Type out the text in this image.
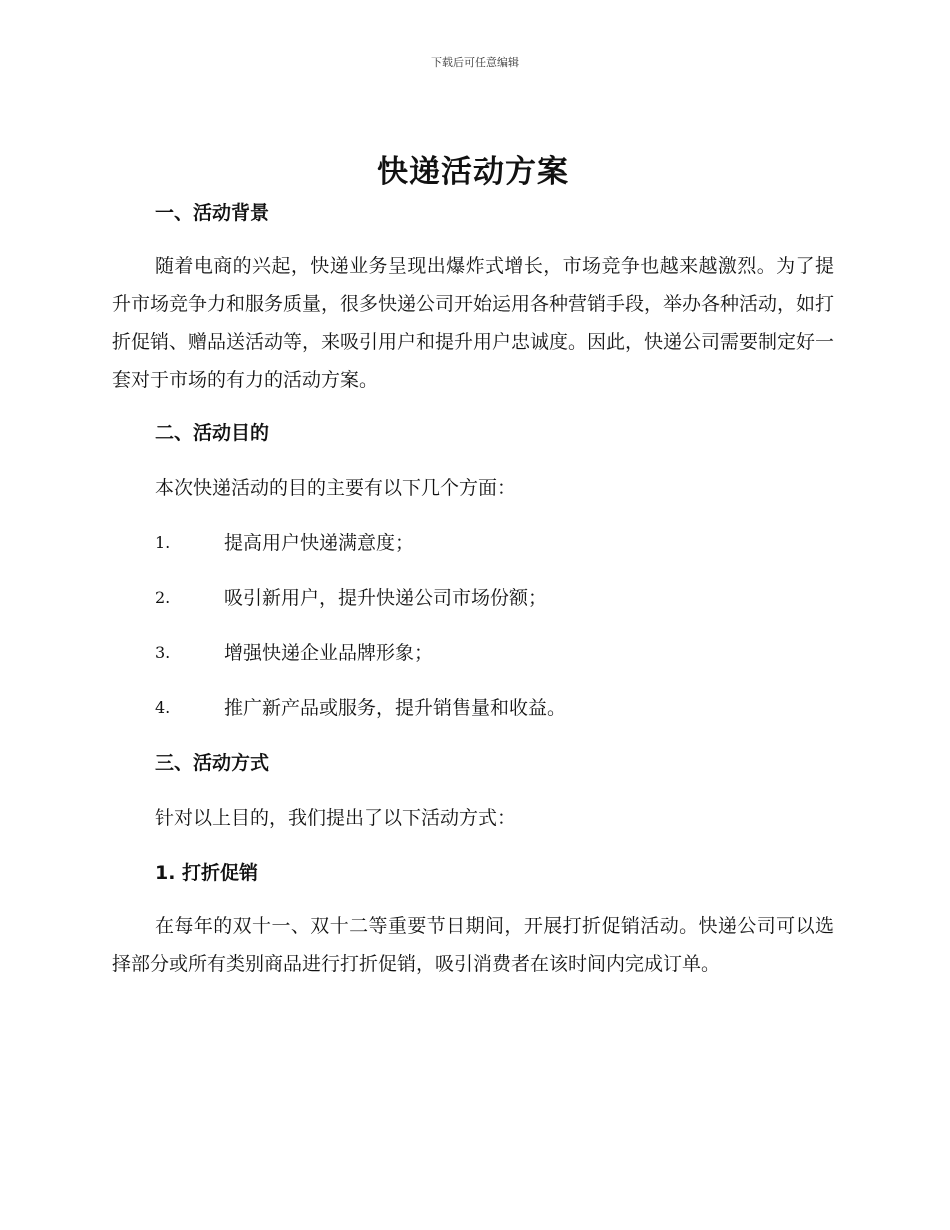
下载后可任意编辑
快递活动方案
一、活动背景

随着电商的兴起，快递业务呈现出爆炸式增长，市场竞争也越来越激烈。为了提升市场竞争力和服务质量，很多快递公司开始运用各种营销手段，举办各种活动，如打折促销、赠品送活动等，来吸引用户和提升用户忠诚度。因此，快递公司需要制定好一套对于市场的有力的活动方案。

二、活动目的
本次快递活动的目的主要有以下几个方面：
1.	提高用户快递满意度；
2.	吸引新用户，提升快递公司市场份额；
3.	增强快递企业品牌形象；
4.	推广新产品或服务，提升销售量和收益。
三、活动方式
针对以上目的，我们提出了以下活动方式：
1. 打折促销

在每年的双十一、双十二等重要节日期间，开展打折促销活动。快递公司可以选择部分或所有类别商品进行打折促销，吸引消费者在该时间内完成订单。
